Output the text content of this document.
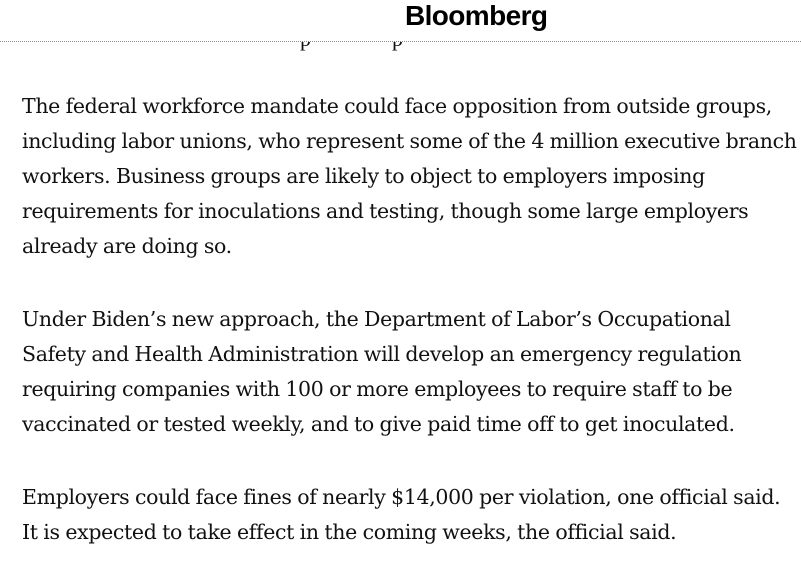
Bloomberg

The federal workforce mandate could face opposition from outside groups, including labor unions, who represent some of the 4 million executive branch workers. Business groups are likely to object to employers imposing requirements for inoculations and testing, though some large employers already are doing so.

Under Biden’s new approach, the Department of Labor’s Occupational Safety and Health Administration will develop an emergency regulation requiring companies with 100 or more employees to require staff to be vaccinated or tested weekly, and to give paid time off to get inoculated.

Employers could face fines of nearly $14,000 per violation, one official said. It is expected to take effect in the coming weeks, the official said.
